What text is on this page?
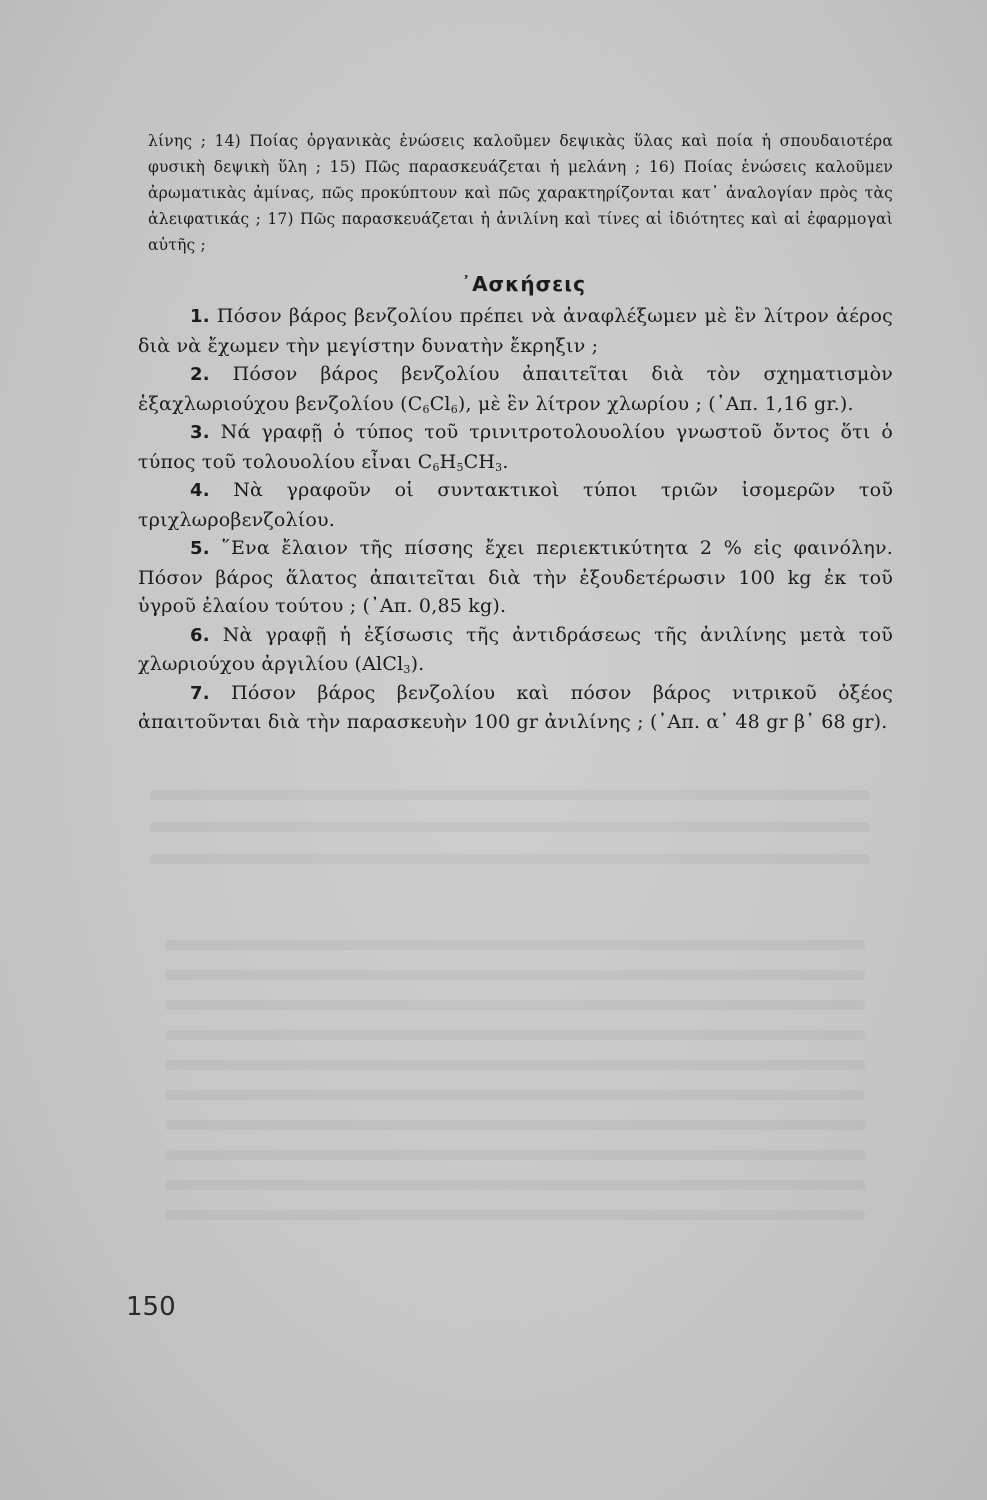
λίνης ; 14) Ποίας ὀργανικὰς ἑνώσεις καλοῦμεν δεψικὰς ὕλας καὶ ποία ἡ σπουδαιοτέρα φυσικὴ δεψικὴ ὕλη ; 15) Πῶς παρασκευάζεται ἡ μελάνη ; 16) Ποίας ἑνώσεις καλοῦμεν ἀρωματικὰς ἀμίνας, πῶς προκύπτουν καὶ πῶς χαρακτηρίζονται κατ᾽ ἀναλογίαν πρὸς τὰς ἀλειφατικάς ; 17) Πῶς παρασκευάζεται ἡ ἀνιλίνη καὶ τίνες αἱ ἰδιότητες καὶ αἱ ἐφαρμογαὶ αὐτῆς ;
᾽Ασκήσεις
1. Πόσον βάρος βενζολίου πρέπει νὰ ἀναφλέξωμεν μὲ ἓν λίτρον ἀέρος διὰ νὰ ἔχωμεν τὴν μεγίστην δυνατὴν ἔκρηξιν ;
2. Πόσον βάρος βενζολίου ἀπαιτεῖται διὰ τὸν σχηματισμὸν ἑξαχλωριούχου βενζολίου $(C_6Cl_6)$, μὲ ἓν λίτρον χλωρίου ; (᾽Απ. 1,16 gr.).
3. Νά γραφῇ ὁ τύπος τοῦ τρινιτροτολουολίου γνωστοῦ ὄντος ὅτι ὁ τύπος τοῦ τολουολίου εἶναι $C_6H_5CH_3$.
4. Νὰ γραφοῦν οἱ συντακτικοὶ τύποι τριῶν ἰσομερῶν τοῦ τριχλωροβενζολίου.
5. ῞Ενα ἔλαιον τῆς πίσσης ἔχει περιεκτικύτητα 2 % εἰς φαινόλην. Πόσον βάρος ἅλατος ἀπαιτεῖται διὰ τὴν ἐξουδετέρωσιν 100 kg ἐκ τοῦ ὑγροῦ ἐλαίου τούτου ; (᾽Απ. 0,85 kg).
6. Νὰ γραφῇ ἡ ἐξίσωσις τῆς ἀντιδράσεως τῆς ἀνιλίνης μετὰ τοῦ χλωριούχου ἀργιλίου (AlCl$_3$).
7. Πόσον βάρος βενζολίου καὶ πόσον βάρος νιτρικοῦ ὀξέος ἀπαιτοῦνται διὰ τὴν παρασκευὴν 100 gr ἀνιλίνης ; (᾽Απ. α᾽ 48 gr β᾽ 68 gr).
150
